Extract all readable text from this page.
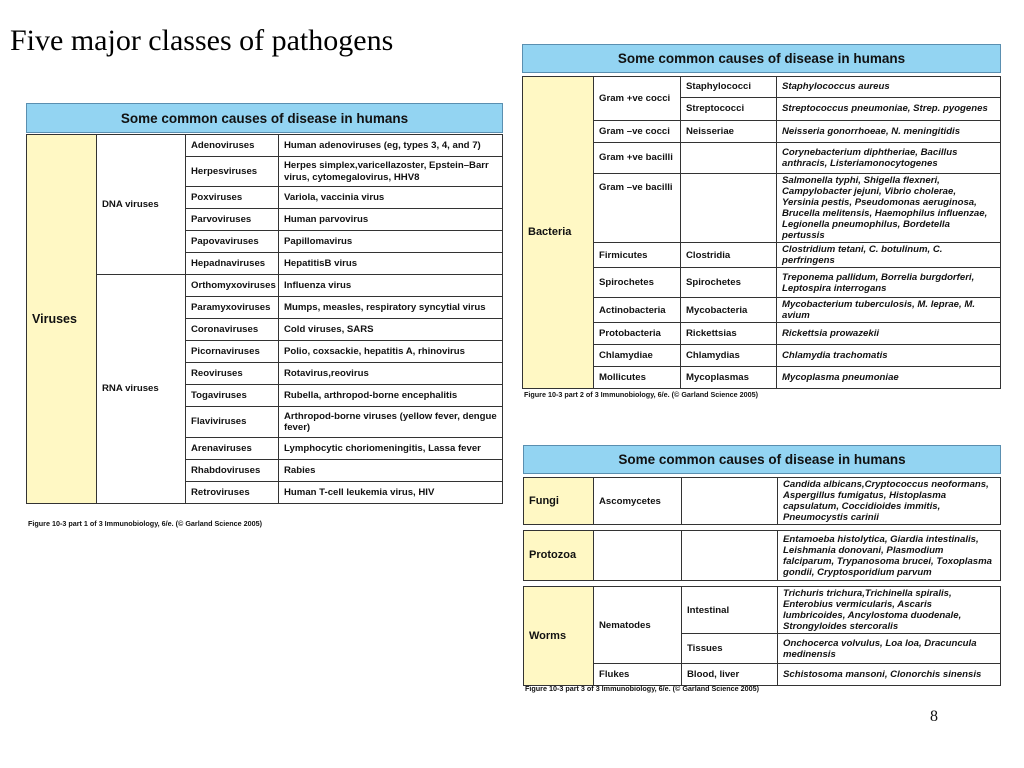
Five major classes of pathogens
Some common causes of disease in humans
Viruses	DNA viruses	Adenoviruses	Human adenoviruses (eg, types 3, 4, and 7)
		Herpesviruses	Herpes simplex,varicellazoster, Epstein–Barr virus, cytomegalovirus, HHV8
		Poxviruses	Variola, vaccinia virus
		Parvoviruses	Human parvovirus
		Papovaviruses	Papillomavirus
		Hepadnaviruses	HepatitisB virus
	RNA viruses	Orthomyxoviruses	Influenza virus
		Paramyxoviruses	Mumps, measles, respiratory syncytial virus
		Coronaviruses	Cold viruses, SARS
		Picornaviruses	Polio, coxsackie, hepatitis A, rhinovirus
		Reoviruses	Rotavirus,reovirus
		Togaviruses	Rubella, arthropod-borne encephalitis
		Flaviviruses	Arthropod-borne viruses (yellow fever, dengue fever)
		Arenaviruses	Lymphocytic choriomeningitis, Lassa fever
		Rhabdoviruses	Rabies
		Retroviruses	Human T-cell leukemia virus, HIV
Figure 10-3 part 1 of 3 Immunobiology, 6/e. (© Garland Science 2005)
Some common causes of disease in humans
Bacteria	Gram +ve cocci	Staphylococci	Staphylococcus aureus
		Streptococci	Streptococcus pneumoniae, Strep. pyogenes
	Gram –ve cocci	Neisseriae	Neisseria gonorrhoeae, N. meningitidis
	Gram +ve bacilli		Corynebacterium diphtheriae, Bacillus anthracis, Listeriamonocytogenes
	Gram –ve bacilli		Salmonella typhi, Shigella flexneri, Campylobacter jejuni, Vibrio cholerae, Yersinia pestis, Pseudomonas aeruginosa, Brucella melitensis, Haemophilus influenzae, Legionella pneumophilus, Bordetella pertussis
	Firmicutes	Clostridia	Clostridium tetani, C. botulinum, C. perfringens
	Spirochetes	Spirochetes	Treponema pallidum, Borrelia burgdorferi, Leptospira interrogans
	Actinobacteria	Mycobacteria	Mycobacterium tuberculosis, M. leprae, M. avium
	Protobacteria	Rickettsias	Rickettsia prowazekii
	Chlamydiae	Chlamydias	Chlamydia trachomatis
	Mollicutes	Mycoplasmas	Mycoplasma pneumoniae
Figure 10-3 part 2 of 3 Immunobiology, 6/e. (© Garland Science 2005)
Some common causes of disease in humans
Fungi	Ascomycetes		Candida albicans,Cryptococcus neoformans, Aspergillus fumigatus, Histoplasma capsulatum, Coccidioides immitis, Pneumocystis carinii
Protozoa			Entamoeba histolytica, Giardia intestinalis, Leishmania donovani, Plasmodium falciparum, Trypanosoma brucei, Toxoplasma gondii, Cryptosporidium parvum
Worms	Nematodes	Intestinal	Trichuris trichura,Trichinella spiralis, Enterobius vermicularis, Ascaris lumbricoides, Ancylostoma duodenale, Strongyloides stercoralis
		Tissues	Onchocerca volvulus, Loa loa, Dracuncula medinensis
	Flukes	Blood, liver	Schistosoma mansoni, Clonorchis sinensis
Figure 10-3 part 3 of 3 Immunobiology, 6/e. (© Garland Science 2005)
8
